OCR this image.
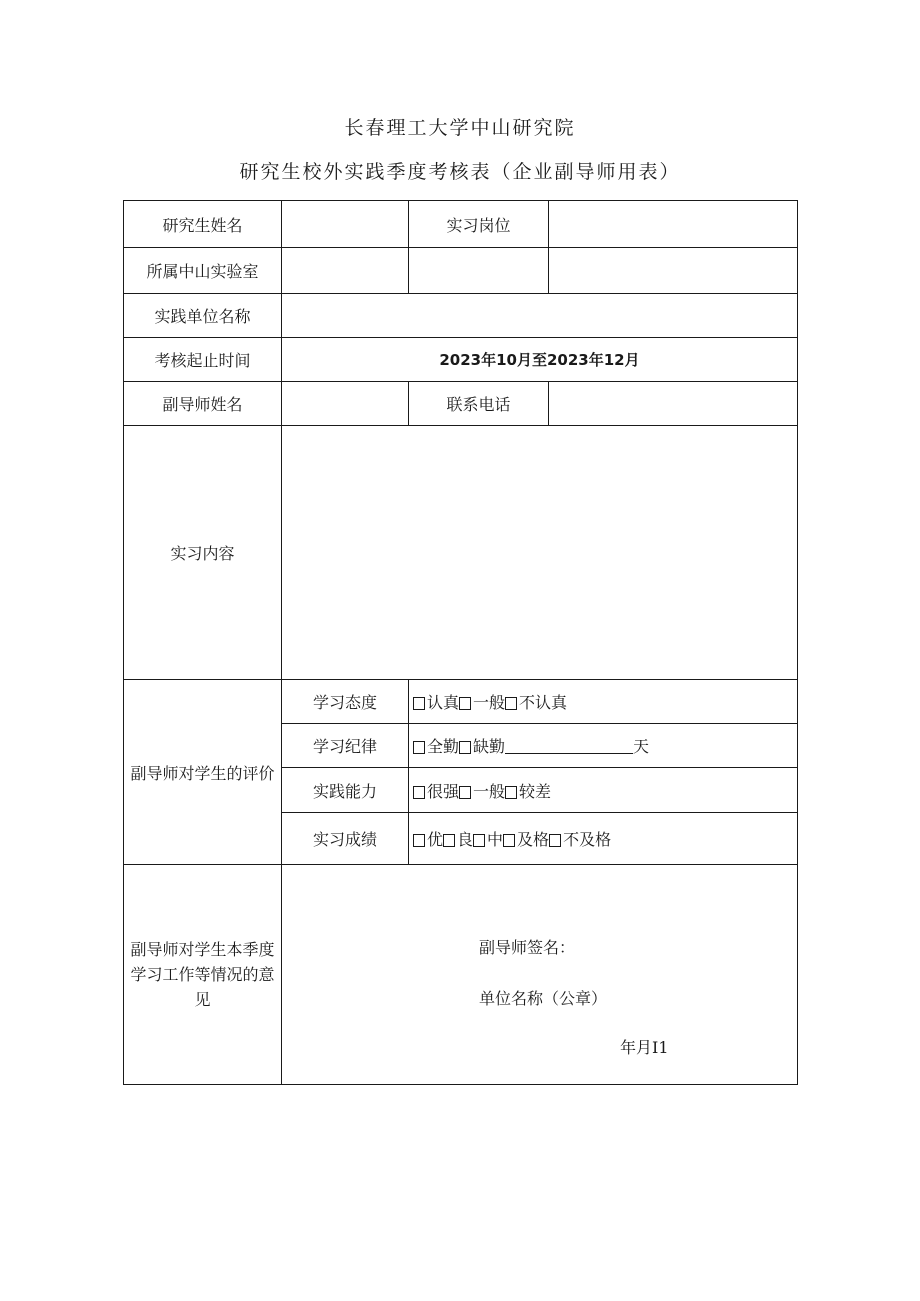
长春理工大学中山研究院
研究生校外实践季度考核表（企业副导师用表）
研究生姓名		实习岗位	
所属中山实验室			
实践单位名称			
考核起止时间	2023年10月至2023年12月		
副导师姓名		联系电话	
实习内容			
副导师对学生的评价	学习态度	认真 一般 不认真	
	学习纪律	全勤 缺勤 天	
	实践能力	很强 一般 较差	
	实习成绩	优 良 中 及格 不及格	
副导师对学生本季度学习工作等情况的意见	副导师签名：
单位名称（公章）
年月I1		
